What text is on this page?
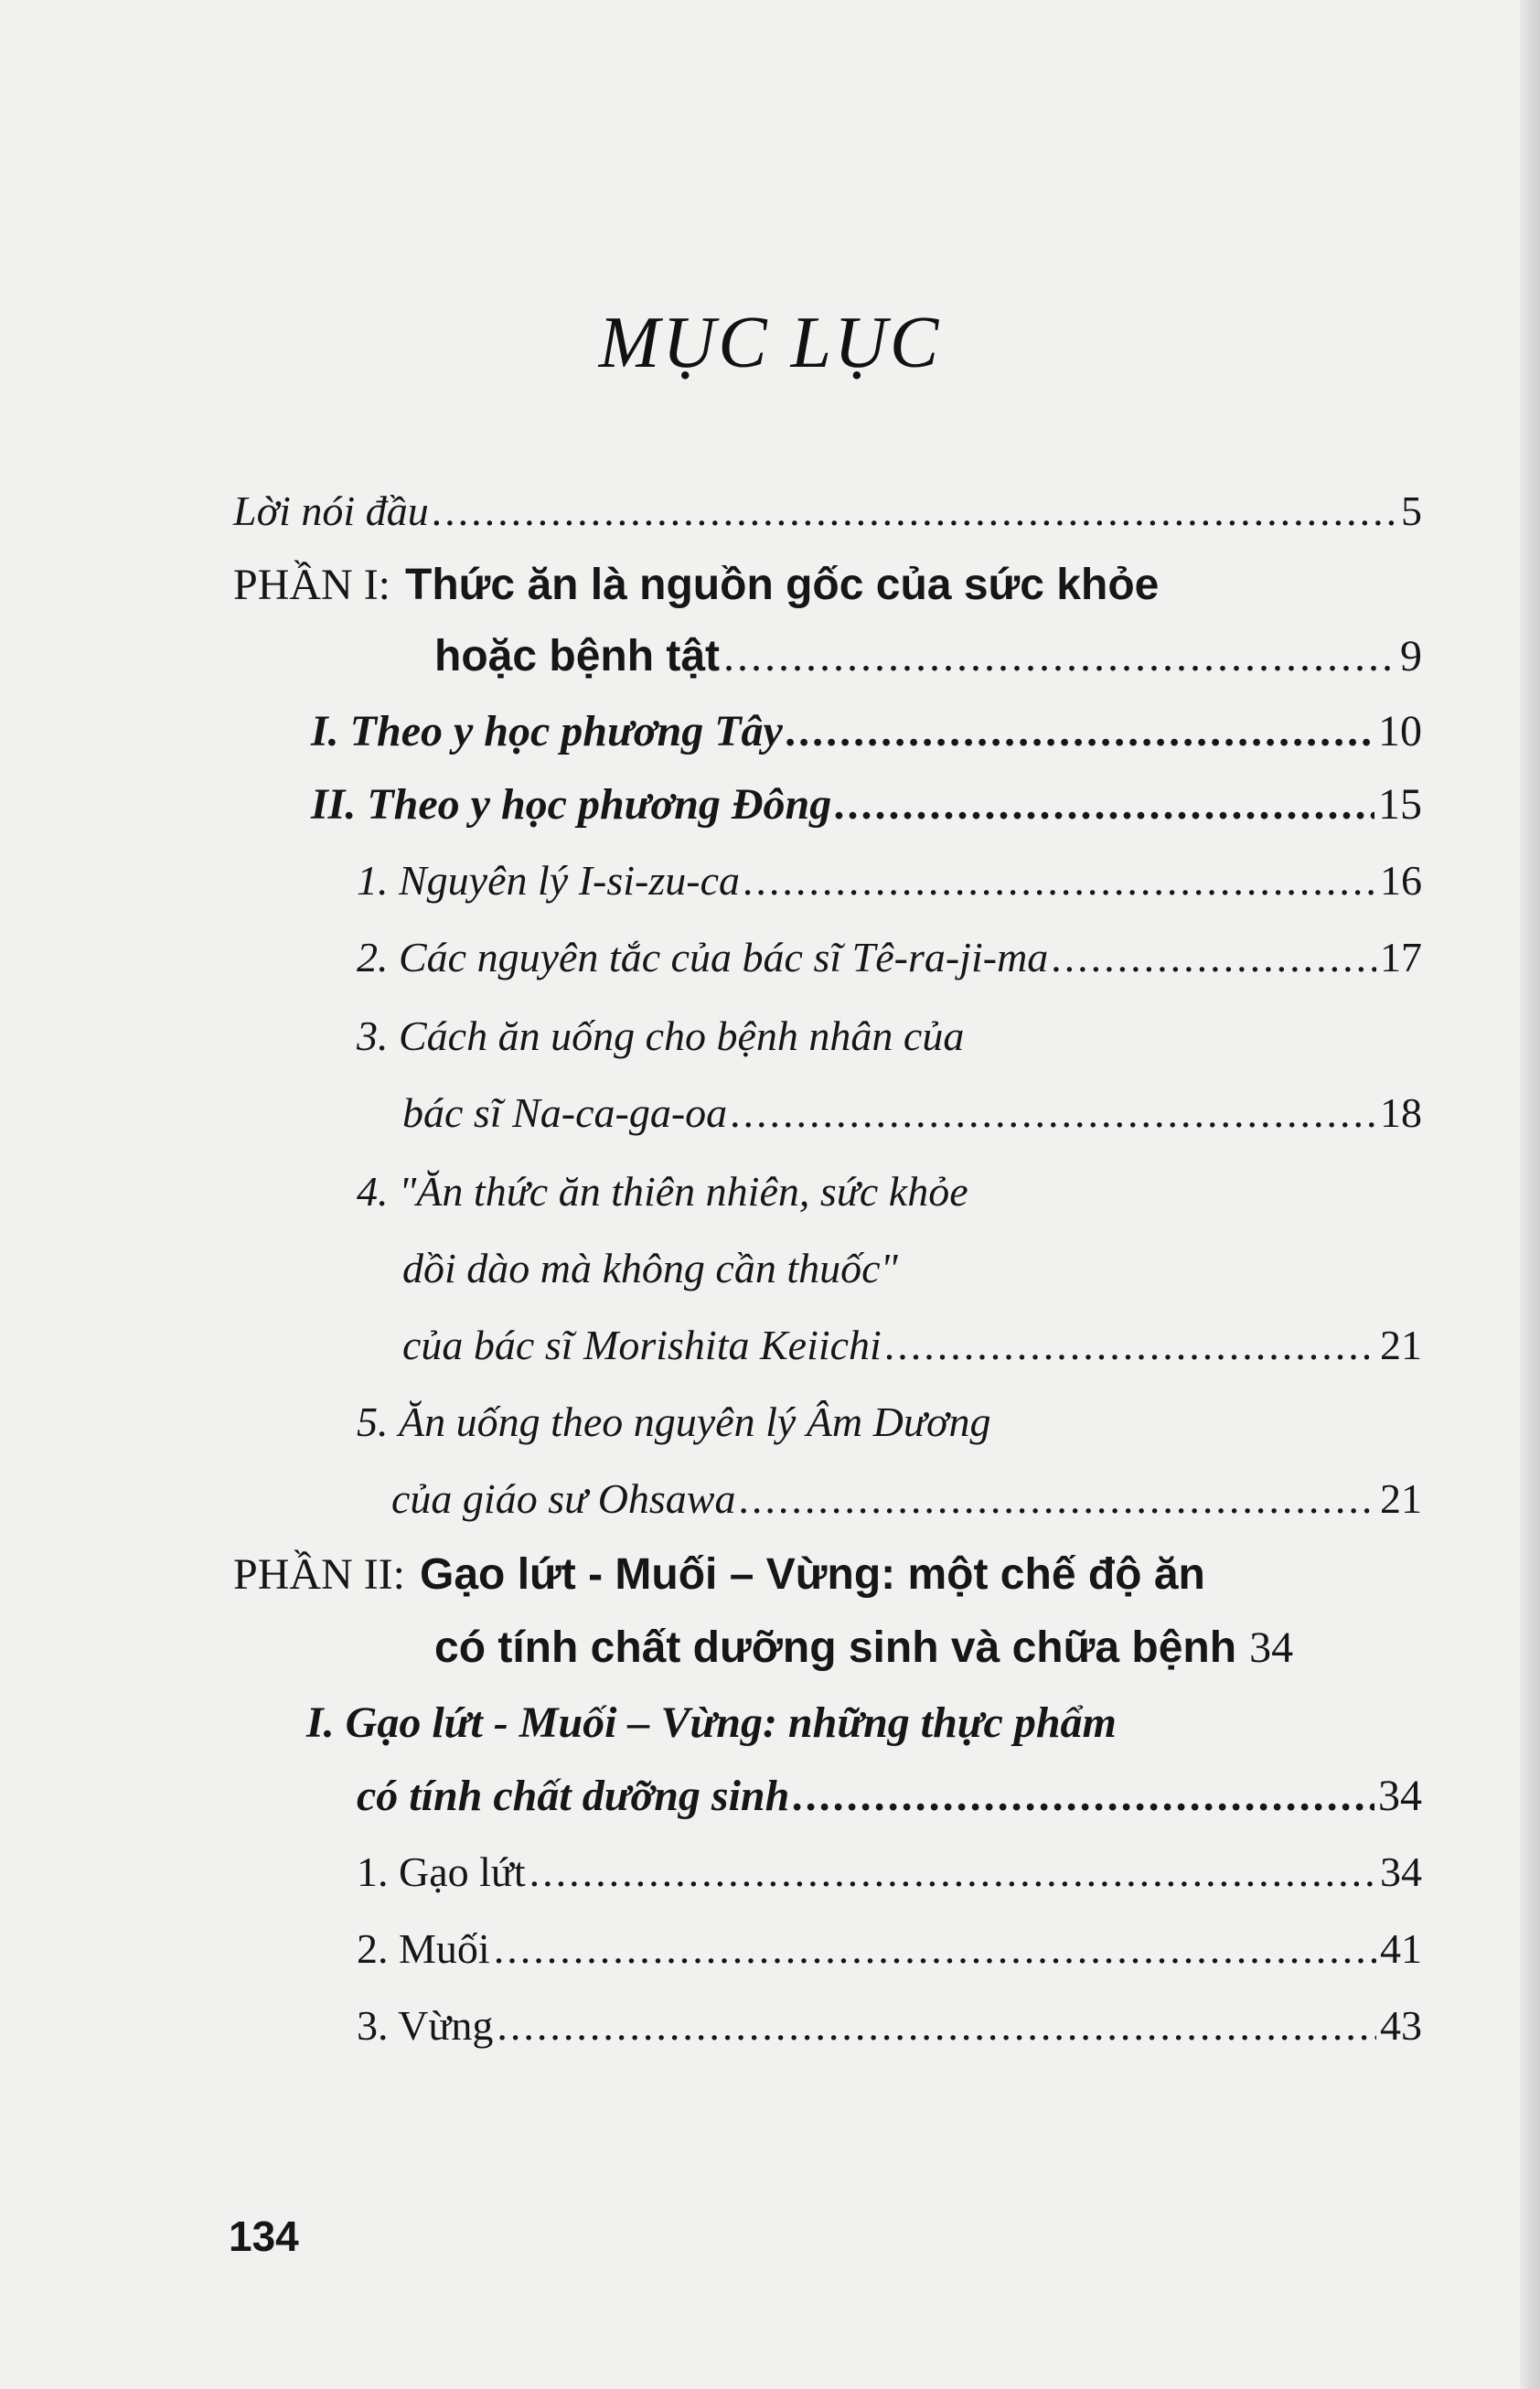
MỤC LỤC
Lời nói đầu .....	5
PHẦN I: Thức ăn là nguồn gốc của sức khỏe
hoặc bệnh tật .....	9
I. Theo y học phương Tây .....	10
II. Theo y học phương Đông .....	15
1. Nguyên lý I-si-zu-ca .....	16
2. Các nguyên tắc của bác sĩ Tê-ra-ji-ma .....	17
3. Cách ăn uống cho bệnh nhân của
bác sĩ Na-ca-ga-oa .....	18
4. "Ăn thức ăn thiên nhiên, sức khỏe
dồi dào mà không cần thuốc"
của bác sĩ Morishita Keiichi .....	21
5. Ăn uống theo nguyên lý Âm Dương
của giáo sư Ohsawa .....	21
PHẦN II: Gạo lứt - Muối – Vừng: một chế độ ăn
có tính chất dưỡng sinh và chữa bệnh 34
I. Gạo lứt - Muối – Vừng: những thực phẩm
có tính chất dưỡng sinh .....	34
1. Gạo lứt .....	34
2. Muối .....	41
3. Vừng .....	43
134
